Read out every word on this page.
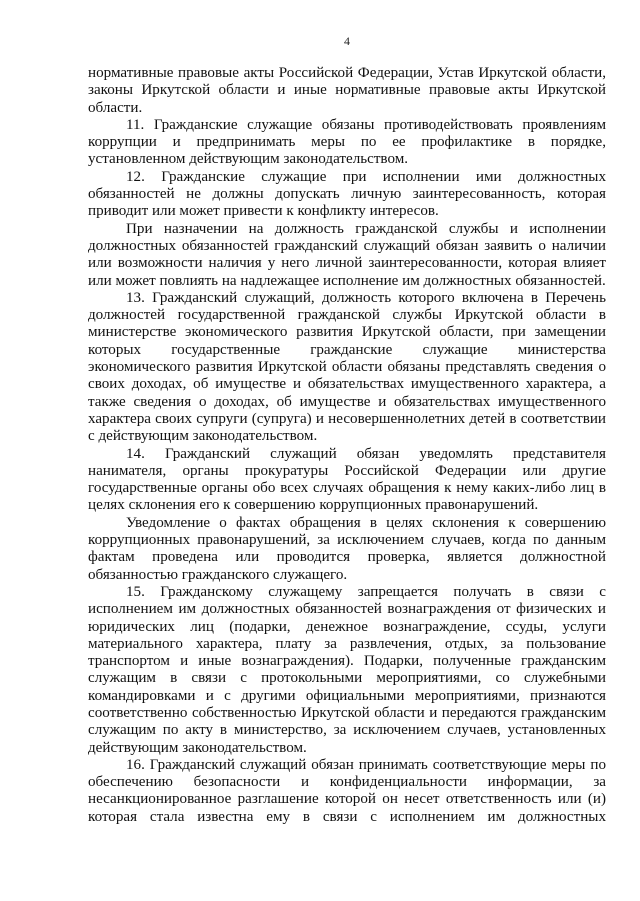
4

нормативные правовые акты Российской Федерации, Устав Иркутской области, законы Иркутской области и иные нормативные правовые акты Иркутской области.

11. Гражданские служащие обязаны противодействовать проявлениям коррупции и предпринимать меры по ее профилактике в порядке, установленном действующим законодательством.

12. Гражданские служащие при исполнении ими должностных обязанностей не должны допускать личную заинтересованность, которая приводит или может привести к конфликту интересов.

При назначении на должность гражданской службы и исполнении должностных обязанностей гражданский служащий обязан заявить о наличии или возможности наличия у него личной заинтересованности, которая влияет или может повлиять на надлежащее исполнение им должностных обязанностей.

13. Гражданский служащий, должность которого включена в Перечень должностей государственной гражданской службы Иркутской области в министерстве экономического развития Иркутской области, при замещении которых государственные гражданские служащие министерства экономического развития Иркутской области обязаны представлять сведения о своих доходах, об имуществе и обязательствах имущественного характера, а также сведения о доходах, об имуществе и обязательствах имущественного характера своих супруги (супруга) и несовершеннолетних детей в соответствии с действующим законодательством.

14. Гражданский служащий обязан уведомлять представителя нанимателя, органы прокуратуры Российской Федерации или другие государственные органы обо всех случаях обращения к нему каких-либо лиц в целях склонения его к совершению коррупционных правонарушений.

Уведомление о фактах обращения в целях склонения к совершению коррупционных правонарушений, за исключением случаев, когда по данным фактам проведена или проводится проверка, является должностной обязанностью гражданского служащего.

15. Гражданскому служащему запрещается получать в связи с исполнением им должностных обязанностей вознаграждения от физических и юридических лиц (подарки, денежное вознаграждение, ссуды, услуги материального характера, плату за развлечения, отдых, за пользование транспортом и иные вознаграждения). Подарки, полученные гражданским служащим в связи с протокольными мероприятиями, со служебными командировками и с другими официальными мероприятиями, признаются соответственно собственностью Иркутской области и передаются гражданским служащим по акту в министерство, за исключением случаев, установленных действующим законодательством.

16. Гражданский служащий обязан принимать соответствующие меры по обеспечению безопасности и конфиденциальности информации, за несанкционированное разглашение которой он несет ответственность или (и) которая стала известна ему в связи с исполнением им должностных
